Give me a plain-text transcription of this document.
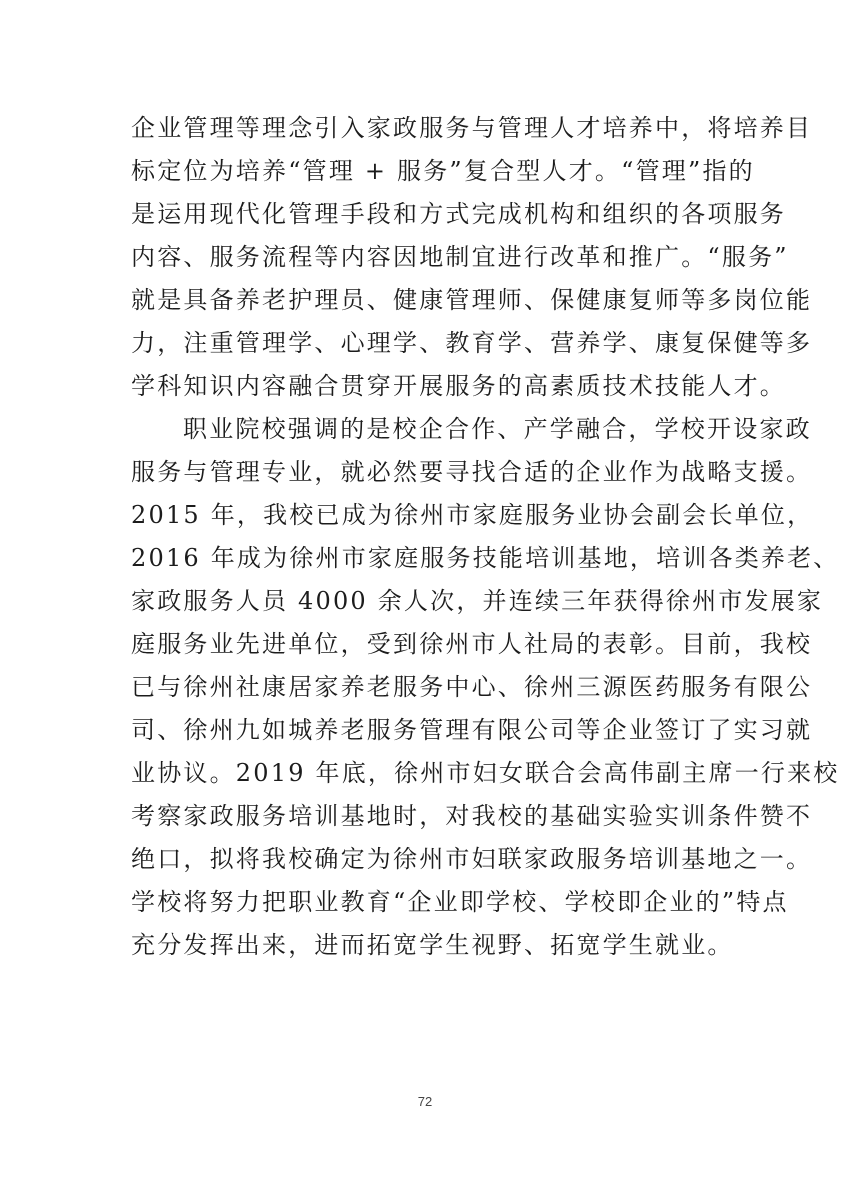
企业管理等理念引入家政服务与管理人才培养中，将培养目
标定位为培养“管理 + 服务”复合型人才。“管理”指的
是运用现代化管理手段和方式完成机构和组织的各项服务
内容、服务流程等内容因地制宜进行改革和推广。“服务”
就是具备养老护理员、健康管理师、保健康复师等多岗位能
力，注重管理学、心理学、教育学、营养学、康复保健等多
学科知识内容融合贯穿开展服务的高素质技术技能人才。
职业院校强调的是校企合作、产学融合，学校开设家政
服务与管理专业，就必然要寻找合适的企业作为战略支援。
2015 年，我校已成为徐州市家庭服务业协会副会长单位，
2016 年成为徐州市家庭服务技能培训基地，培训各类养老、
家政服务人员 4000 余人次，并连续三年获得徐州市发展家
庭服务业先进单位，受到徐州市人社局的表彰。目前，我校
已与徐州社康居家养老服务中心、徐州三源医药服务有限公
司、徐州九如城养老服务管理有限公司等企业签订了实习就
业协议。2019 年底，徐州市妇女联合会高伟副主席一行来校
考察家政服务培训基地时，对我校的基础实验实训条件赞不
绝口，拟将我校确定为徐州市妇联家政服务培训基地之一。
学校将努力把职业教育“企业即学校、学校即企业的”特点
充分发挥出来，进而拓宽学生视野、拓宽学生就业。
72
